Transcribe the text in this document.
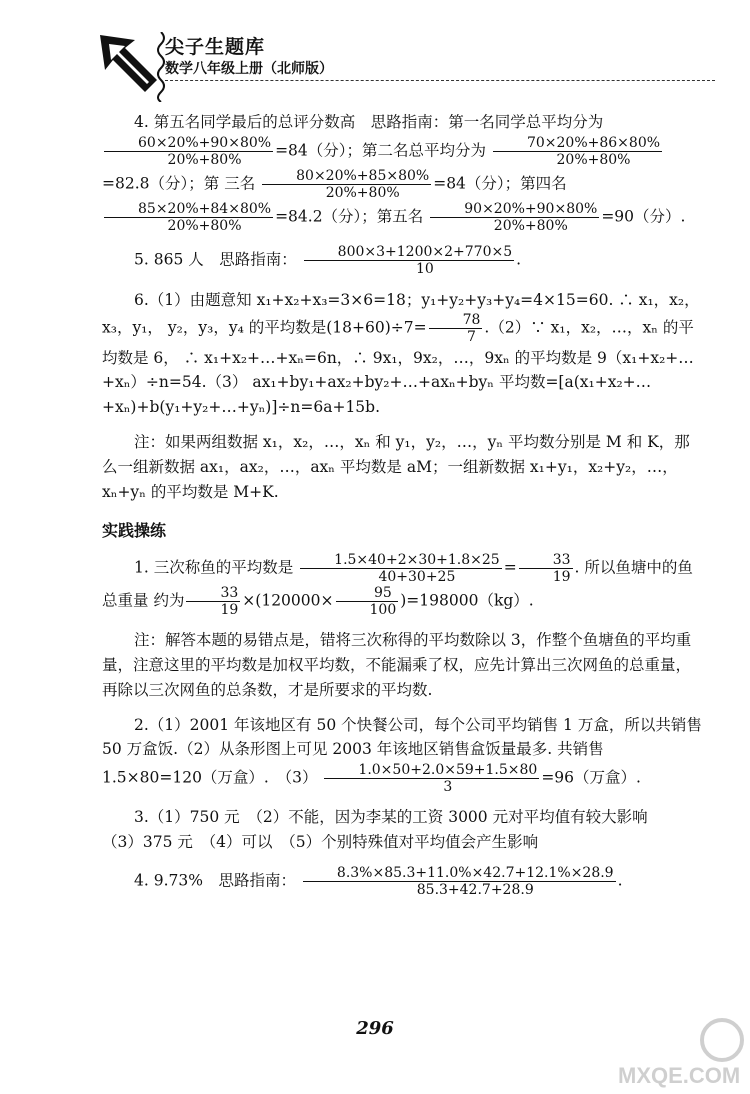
尖子生题库
数学八年级上册（北师版）

4. 第五名同学最后的总评分数高　思路指南：第一名同学总平均分为
$\frac{60\times 20\%+90\times 80\%}{20\%+80\%} =84$（分）；第二名总平均分为 $\frac{70\times 20\%+86\times 80\%}{20\%+80\%}$
=82.8（分）；第 三名 $\frac{80\times 20\%+85\times 80\%}{20\%+80\%} =84$（分）；第四名
$\frac{85\times 20\%+84\times 80\%}{20\%+80\%} =84.2$（分）；第五名 $\frac{90\times 20\%+90\times 80\%}{20\%+80\%} =90$（分）.

5. 865 人　思路指南： $\frac{800\times 3+1200\times 2+770\times 5}{10}$ .

6.（1）由题意知 x₁+x₂+x₃=3×6=18；y₁+y₂+y₃+y₄=4×15=60. ∴ x₁，x₂，x₃，y₁， y₂，y₃，y₄ 的平均数是$(18+60)\div 7= \frac{78}{7}$ .（2）∵ x₁，x₂，…，xₙ 的平均数是 6， ∴ x₁+x₂+…+xₙ=6n，∴ 9x₁，9x₂，…，9xₙ 的平均数是 9（x₁+x₂+…+xₙ）÷n=54.（3） ax₁+by₁+ax₂+by₂+…+axₙ+byₙ 平均数=[a(x₁+x₂+…+xₙ)+b(y₁+y₂+…+yₙ)]÷n=6a+15b.

注：如果两组数据 x₁，x₂，…，xₙ 和 y₁，y₂，…，yₙ 平均数分别是 M 和 K，那么一组新数据 ax₁，ax₂，…，axₙ 平均数是 aM；一组新数据 x₁+y₁，x₂+y₂，…，xₙ+yₙ 的平均数是 M+K.

实践操练

1. 三次称鱼的平均数是 $\frac{1.5\times 40+2\times 30+1.8\times 25}{40+30+25} = \frac{33}{19}$ . 所以鱼塘中的鱼总重量 约为 $\frac{33}{19} \times(120000\times \frac{95}{100} )=198000(kg)$.

注：解答本题的易错点是，错将三次称得的平均数除以 3，作整个鱼塘鱼的平均重量，注意这里的平均数是加权平均数，不能漏乘了权，应先计算出三次网鱼的总重量，再除以三次网鱼的总条数，才是所要求的平均数.

2.（1）2001 年该地区有 50 个快餐公司，每个公司平均销售 1 万盒，所以共销售 50 万盒饭.（2）从条形图上可见 2003 年该地区销售盒饭量最多. 共销售 1.5×80=120（万盒）.　$(3) \frac{1.0\times 50+2.0\times 59+1.5\times 80}{3} =96$（万盒）.

3.（1）750 元　（2）不能，因为李某的工资 3000 元对平均值有较大影响
（3）375 元　（4）可以　（5）个别特殊值对平均值会产生影响

4. 9.73%　思路指南： $\frac{8.3\%\times 85.3+11.0\%\times 42.7+12.1\%\times 28.9}{85.3+42.7+28.9}$ .

296
MXQE.COM
